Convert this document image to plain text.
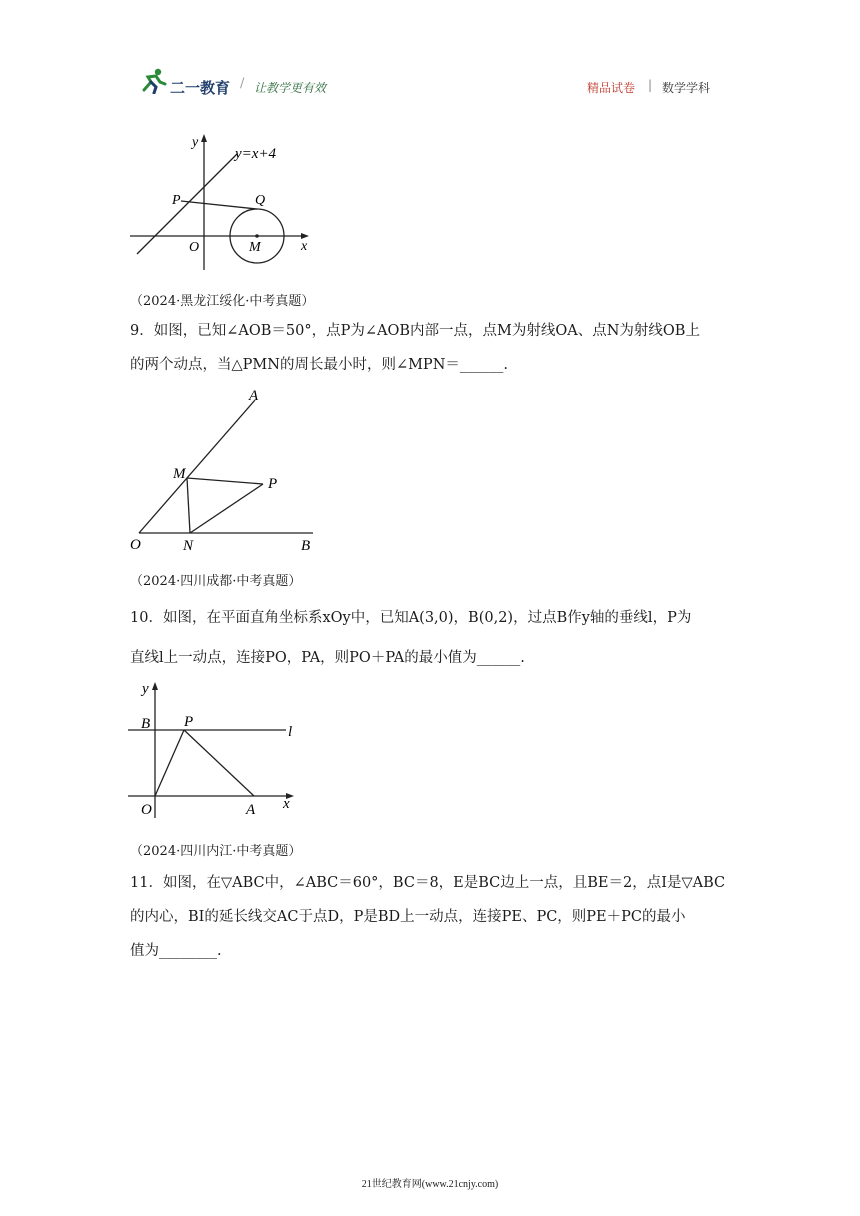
二一教育 / 让教学更有效	精品试卷 | 数学学科
y=x+4
y
x
P	Q
O	M
（2024·黑龙江绥化·中考真题）
9．如图，已知∠AOB＝50°，点P为∠AOB内部一点，点M为射线OA、点N为射线OB上
的两个动点，当△PMN的周长最小时，则∠MPN＝______.
A
M
P
O	N	B
（2024·四川成都·中考真题）
10．如图，在平面直角坐标系xOy中，已知A(3,0)，B(0,2)，过点B作y轴的垂线l，P为
直线l上一动点，连接PO，PA，则PO＋PA的最小值为______.
y
B P
l
O	A x
（2024·四川内江·中考真题）
11．如图，在▽ABC中，∠ABC＝60°，BC＝8，E是BC边上一点，且BE＝2，点I是▽ABC
的内心，BI的延长线交AC于点D，P是BD上一动点，连接PE、PC，则PE＋PC的最小
值为________.
21世纪教育网(www.21cnjy.com)
